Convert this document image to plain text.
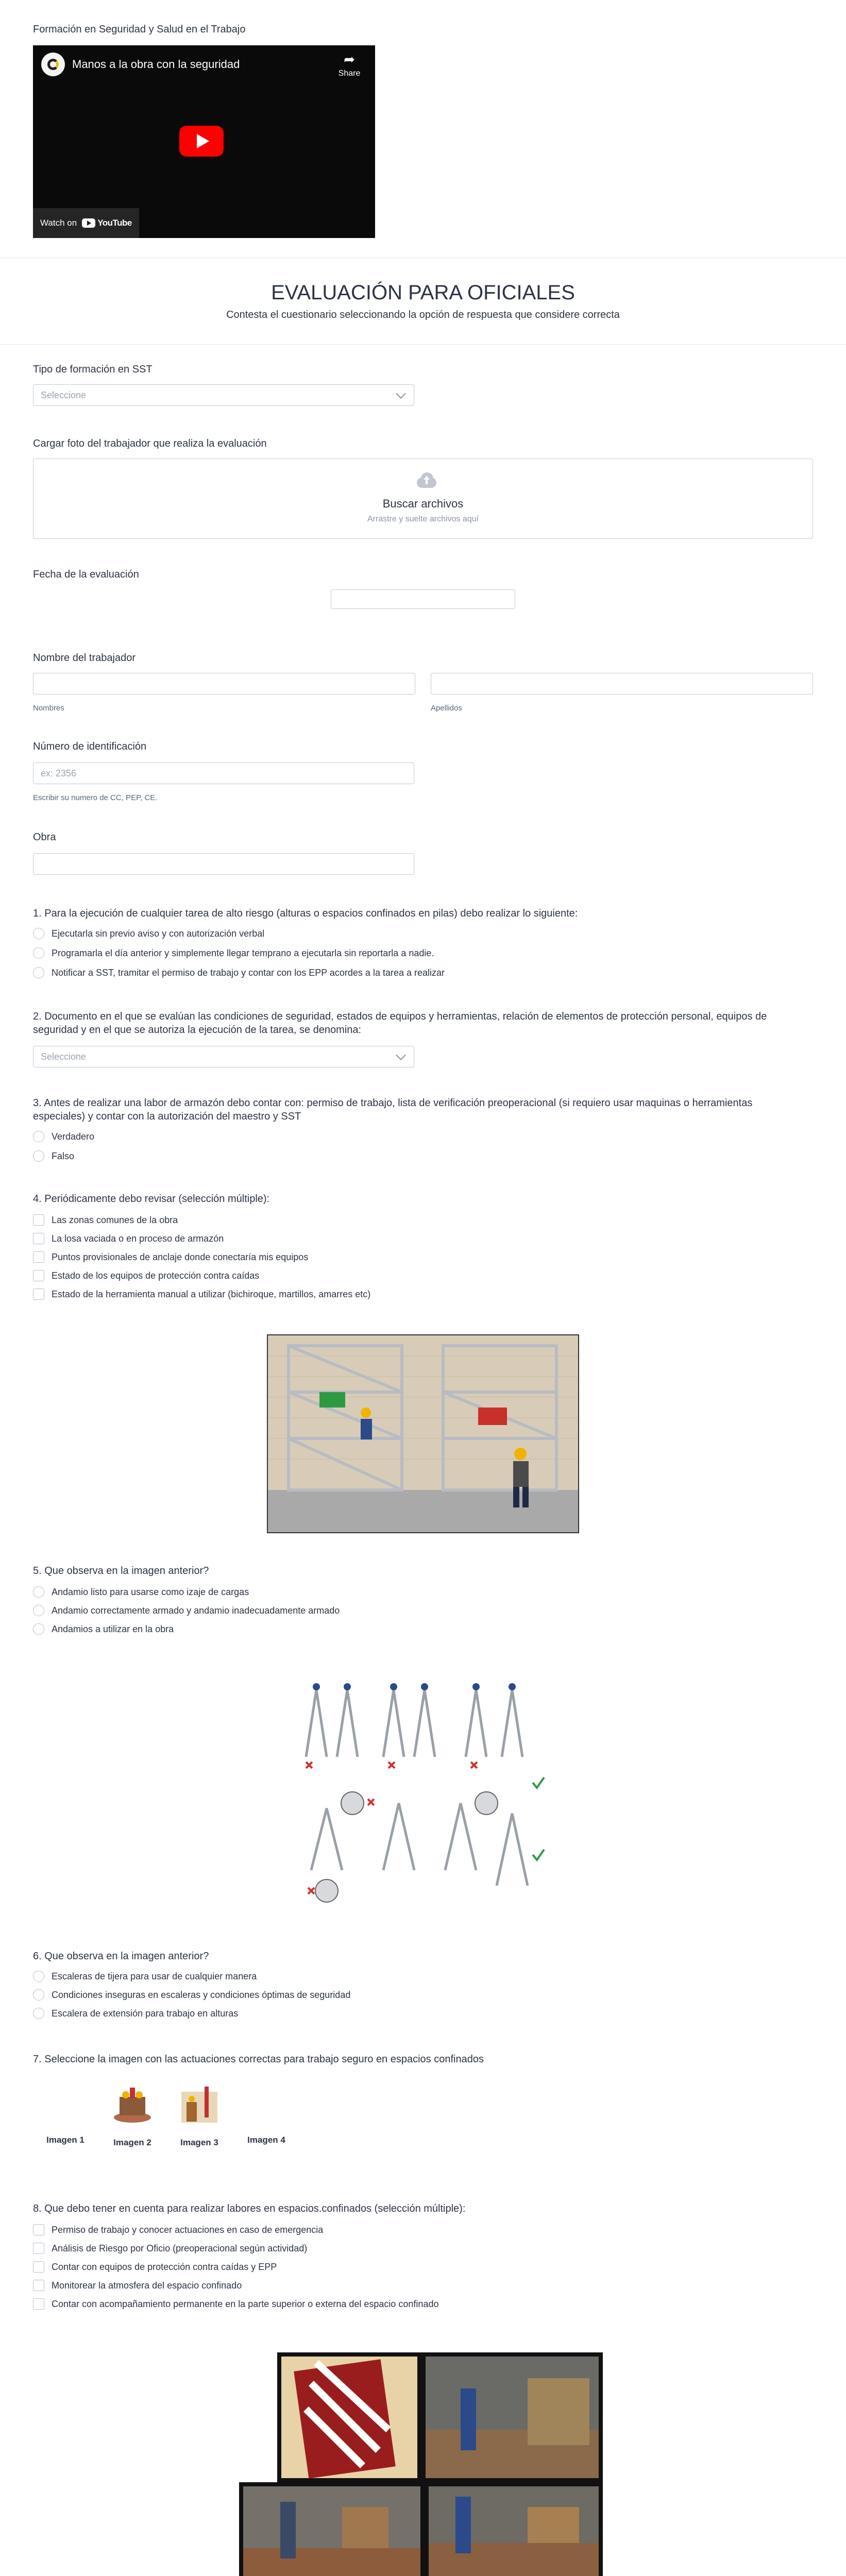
Formación en Seguridad y Salud en el Trabajo
Manos a la obra con la seguridad	➦
Share
Watch on YouTube
EVALUACIÓN PARA OFICIALES
Contesta el cuestionario seleccionando la opción de respuesta que considere correcta
Tipo de formación en SST
Seleccione
Cargar foto del trabajador que realiza la evaluación
Buscar archivos
Arrastre y suelte archivos aquí
Fecha de la evaluación
Nombre del trabajador
Nombres	Apellidos
Número de identificación
ex: 2356
Escribir su numero de CC, PEP, CE.
Obra
1. Para la ejecución de cualquier tarea de alto riesgo (alturas o espacios confinados en pilas) debo realizar lo siguiente:
Ejecutarla sin previo aviso y con autorización verbal
Programarla el día anterior y simplemente llegar temprano a ejecutarla sin reportarla a nadie.
Notificar a SST, tramitar el permiso de trabajo y contar con los EPP acordes a la tarea a realizar
2. Documento en el que se evalúan las condiciones de seguridad, estados de equipos y herramientas, relación de elementos de protección personal, equipos de
seguridad y en el que se autoriza la ejecución de la tarea, se denomina:
Seleccione
3. Antes de realizar una labor de armazón debo contar con: permiso de trabajo, lista de verificación preoperacional (si requiero usar maquinas o herramientas
especiales) y contar con la autorización del maestro y SST
Verdadero
Falso
4. Periódicamente debo revisar (selección múltiple):
Las zonas comunes de la obra
La losa vaciada o en proceso de armazón
Puntos provisionales de anclaje donde conectaría mis equipos
Estado de los equipos de protección contra caídas
Estado de la herramienta manual a utilizar (bichiroque, martillos, amarres etc)
5. Que observa en la imagen anterior?
Andamio listo para usarse como izaje de cargas
Andamio correctamente armado y andamio inadecuadamente armado
Andamios a utilizar en la obra
6. Que observa en la imagen anterior?
Escaleras de tijera para usar de cualquier manera
Condiciones inseguras en escaleras y condiciones óptimas de seguridad
Escalera de extensión para trabajo en alturas
7. Seleccione la imagen con las actuaciones correctas para trabajo seguro en espacios confinados
Imagen 1	Imagen 2	Imagen 3	Imagen 4
8. Que debo tener en cuenta para realizar labores en espacios.confinados (selección múltiple):
Permiso de trabajo y conocer actuaciones en caso de emergencia
Análisis de Riesgo por Oficio (preoperacional según actividad)
Contar con equipos de protección contra caídas y EPP
Monitorear la atmosfera del espacio confinado
Contar con acompañamiento permanente en la parte superior o externa del espacio confinado
